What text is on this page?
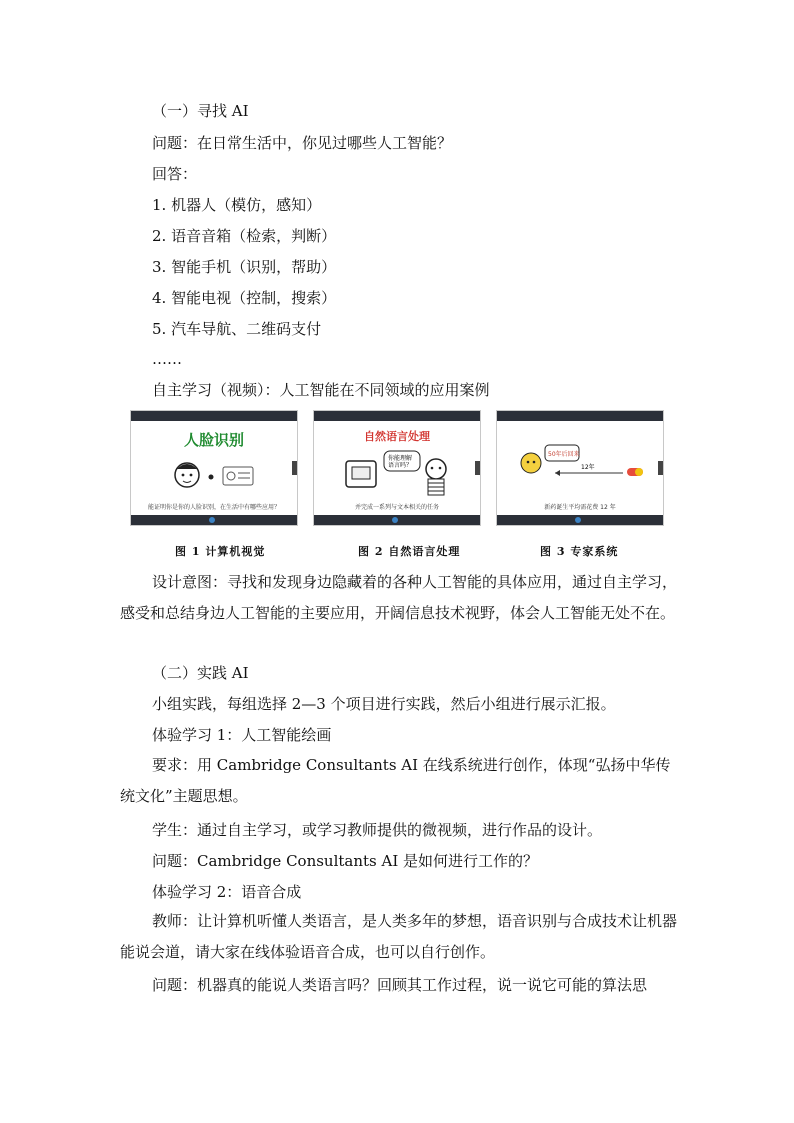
（一）寻找 AI
问题：在日常生活中，你见过哪些人工智能？
回答：
1. 机器人（模仿，感知）
2. 语音音箱（检索，判断）
3. 智能手机（识别，帮助）
4. 智能电视（控制，搜索）
5. 汽车导航、二维码支付
……
自主学习（视频）：人工智能在不同领域的应用案例
人脸识别
能证明你是你的人脸识别，在生活中有哪些应用？
自然语言处理
你能理解
语言吗？
并完成一系列与文本相关的任务
50年后回来
12年
新药诞生平均需花费 12 年
图 1 计算机视觉	图 2 自然语言处理	图 3 专家系统
设计意图：寻找和发现身边隐藏着的各种人工智能的具体应用，通过自主学习，感受和总结身边人工智能的主要应用，开阔信息技术视野，体会人工智能无处不在。
（二）实践 AI
小组实践，每组选择 2—3 个项目进行实践，然后小组进行展示汇报。
体验学习 1：人工智能绘画
要求：用 Cambridge Consultants AI 在线系统进行创作，体现“弘扬中华传统文化”主题思想。
学生：通过自主学习，或学习教师提供的微视频，进行作品的设计。
问题：Cambridge Consultants AI 是如何进行工作的？
体验学习 2：语音合成
教师：让计算机听懂人类语言，是人类多年的梦想，语音识别与合成技术让机器能说会道，请大家在线体验语音合成，也可以自行创作。
问题：机器真的能说人类语言吗？回顾其工作过程，说一说它可能的算法思
